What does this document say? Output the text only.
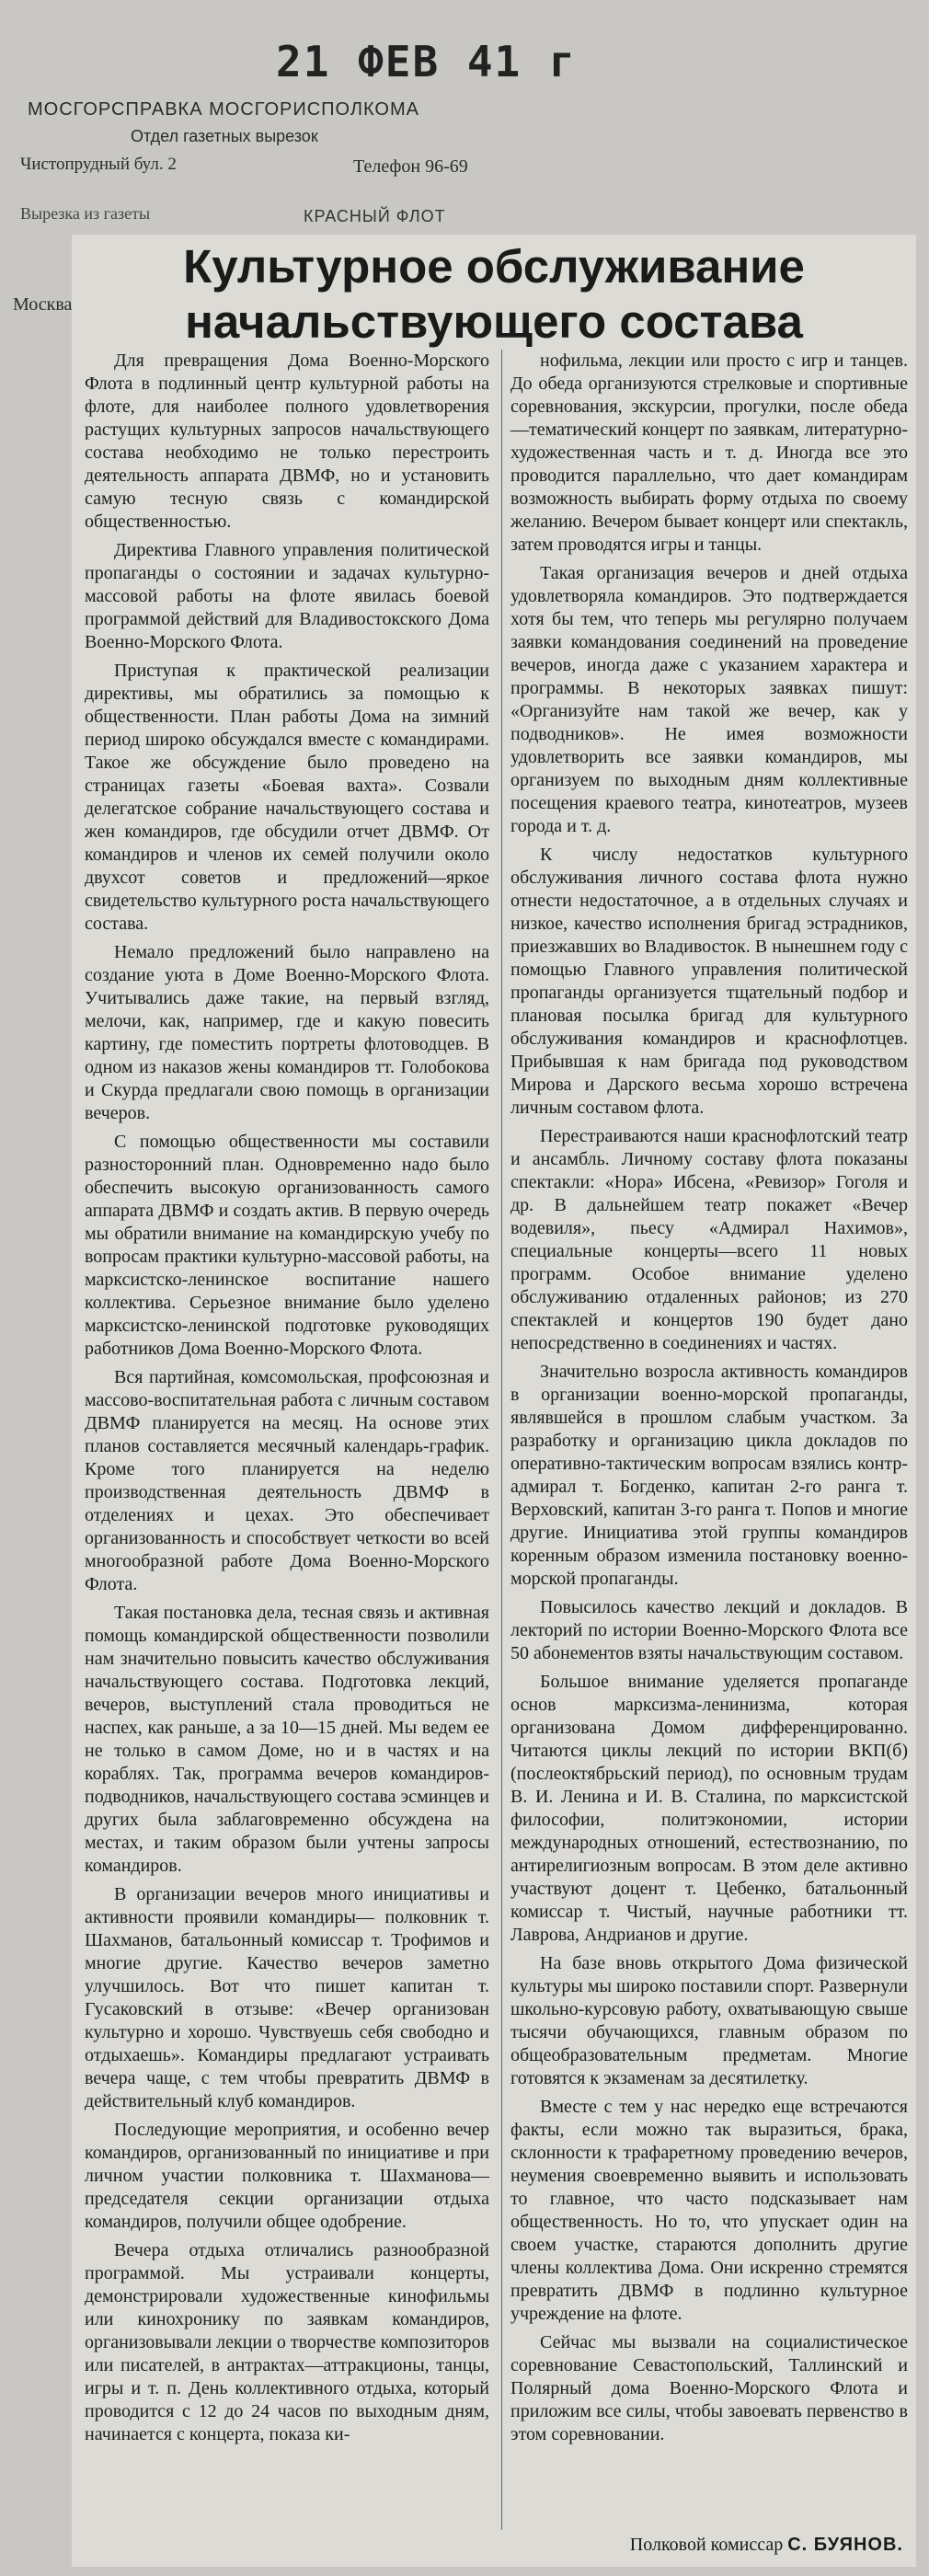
21 ФЕВ 41 г
МОСГОРСПРАВКА МОСГОРИСПОЛКОМА
Отдел газетных вырезок
Чистопрудный бул. 2	Телефон 96-69
Вырезка из газеты	КРАСНЫЙ ФЛОТ
Москва
Культурное обслуживание
начальствующего состава

Для превращения Дома Военно-Морского Флота в подлинный центр культурной работы на флоте, для наиболее полного удовлетворения растущих культурных запросов начальствующего состава необходимо не только перестроить деятельность аппарата ДВМФ, но и установить самую тесную связь с командирской общественностью.

Директива Главного управления политической пропаганды о состоянии и задачах культурно-массовой работы на флоте явилась боевой программой действий для Владивостокского Дома Военно-Морского Флота.

Приступая к практической реализации директивы, мы обратились за помощью к общественности. План работы Дома на зимний период широко обсуждался вместе с командирами. Такое же обсуждение было проведено на страницах газеты «Боевая вахта». Созвали делегатское собрание начальствующего состава и жен командиров, где обсудили отчет ДВМФ. От командиров и членов их семей получили около двухсот советов и предложений—яркое свидетельство культурного роста начальствующего состава.

Немало предложений было направлено на создание уюта в Доме Военно-Морского Флота. Учитывались даже такие, на первый взгляд, мелочи, как, например, где и какую повесить картину, где поместить портреты флотоводцев. В одном из наказов жены командиров тт. Голобокова и Скурда предлагали свою помощь в организации вечеров.

С помощью общественности мы составили разносторонний план. Одновременно надо было обеспечить высокую организованность самого аппарата ДВМФ и создать актив. В первую очередь мы обратили внимание на командирскую учебу по вопросам практики культурно-массовой работы, на марксистско-ленинское воспитание нашего коллектива. Серьезное внимание было уделено марксистско-ленинской подготовке руководящих работников Дома Военно-Морского Флота.

Вся партийная, комсомольская, профсоюзная и массово-воспитательная работа с личным составом ДВМФ планируется на месяц. На основе этих планов составляется месячный календарь-график. Кроме того планируется на неделю производственная деятельность ДВМФ в отделениях и цехах. Это обеспечивает организованность и способствует четкости во всей многообразной работе Дома Военно-Морского Флота.

Такая постановка дела, тесная связь и активная помощь командирской общественности позволили нам значительно повысить качество обслуживания начальствующего состава. Подготовка лекций, вечеров, выступлений стала проводиться не наспех, как раньше, а за 10—15 дней. Мы ведем ее не только в самом Доме, но и в частях и на кораблях. Так, программа вечеров командиров-подводников, начальствующего состава эсминцев и других была заблаговременно обсуждена на местах, и таким образом были учтены запросы командиров.

В организации вечеров много инициативы и активности проявили командиры— полковник т. Шахманов, батальонный комиссар т. Трофимов и многие другие. Качество вечеров заметно улучшилось. Вот что пишет капитан т. Гусаковский в отзыве: «Вечер организован культурно и хорошо. Чувствуешь себя свободно и отдыхаешь». Командиры предлагают устраивать вечера чаще, с тем чтобы превратить ДВМФ в действительный клуб командиров.

Последующие мероприятия, и особенно вечер командиров, организованный по инициативе и при личном участии полковника т. Шахманова—председателя секции организации отдыха командиров, получили общее одобрение.

Вечера отдыха отличались разнообразной программой. Мы устраивали концерты, демонстрировали художественные кинофильмы или кинохронику по заявкам командиров, организовывали лекции о творчестве композиторов или писателей, в антрактах—аттракционы, танцы, игры и т. п. День коллективного отдыха, который проводится с 12 до 24 часов по выходным дням, начинается с концерта, показа ки-

нофильма, лекции или просто с игр и танцев. До обеда организуются стрелковые и спортивные соревнования, экскурсии, прогулки, после обеда—тематический концерт по заявкам, литературно-художественная часть и т. д. Иногда все это проводится параллельно, что дает командирам возможность выбирать форму отдыха по своему желанию. Вечером бывает концерт или спектакль, затем проводятся игры и танцы.

Такая организация вечеров и дней отдыха удовлетворяла командиров. Это подтверждается хотя бы тем, что теперь мы регулярно получаем заявки командования соединений на проведение вечеров, иногда даже с указанием характера и программы. В некоторых заявках пишут: «Организуйте нам такой же вечер, как у подводников». Не имея возможности удовлетворить все заявки командиров, мы организуем по выходным дням коллективные посещения краевого театра, кинотеатров, музеев города и т. д.

К числу недостатков культурного обслуживания личного состава флота нужно отнести недостаточное, а в отдельных случаях и низкое, качество исполнения бригад эстрадников, приезжавших во Владивосток. В нынешнем году с помощью Главного управления политической пропаганды организуется тщательный подбор и плановая посылка бригад для культурного обслуживания командиров и краснофлотцев. Прибывшая к нам бригада под руководством Мирова и Дарского весьма хорошо встречена личным составом флота.

Перестраиваются наши краснофлотский театр и ансамбль. Личному составу флота показаны спектакли: «Нора» Ибсена, «Ревизор» Гоголя и др. В дальнейшем театр покажет «Вечер водевиля», пьесу «Адмирал Нахимов», специальные концерты—всего 11 новых программ. Особое внимание уделено обслуживанию отдаленных районов; из 270 спектаклей и концертов 190 будет дано непосредственно в соединениях и частях.

Значительно возросла активность командиров в организации военно-морской пропаганды, являвшейся в прошлом слабым участком. За разработку и организацию цикла докладов по оперативно-тактическим вопросам взялись контр-адмирал т. Богденко, капитан 2-го ранга т. Верховский, капитан 3-го ранга т. Попов и многие другие. Инициатива этой группы командиров коренным образом изменила постановку военно-морской пропаганды.

Повысилось качество лекций и докладов. В лекторий по истории Военно-Морского Флота все 50 абонементов взяты начальствующим составом.

Большое внимание уделяется пропаганде основ марксизма-ленинизма, которая организована Домом дифференцированно. Читаются циклы лекций по истории ВКП(б) (послеоктябрьский период), по основным трудам В. И. Ленина и И. В. Сталина, по марксистской философии, политэкономии, истории международных отношений, естествознанию, по антирелигиозным вопросам. В этом деле активно участвуют доцент т. Цебенко, батальонный комиссар т. Чистый, научные работники тт. Лаврова, Андрианов и другие.

На базе вновь открытого Дома физической культуры мы широко поставили спорт. Развернули школьно-курсовую работу, охватывающую свыше тысячи обучающихся, главным образом по общеобразовательным предметам. Многие готовятся к экзаменам за десятилетку.

Вместе с тем у нас нередко еще встречаются факты, если можно так выразиться, брака, склонности к трафаретному проведению вечеров, неумения своевременно выявить и использовать то главное, что часто подсказывает нам общественность. Но то, что упускает один на своем участке, стараются дополнить другие члены коллектива Дома. Они искренно стремятся превратить ДВМФ в подлинно культурное учреждение на флоте.

Сейчас мы вызвали на социалистическое соревнование Севастопольский, Таллинский и Полярный дома Военно-Морского Флота и приложим все силы, чтобы завоевать первенство в этом соревновании.

Полковой комиссар С. БУЯНОВ.
